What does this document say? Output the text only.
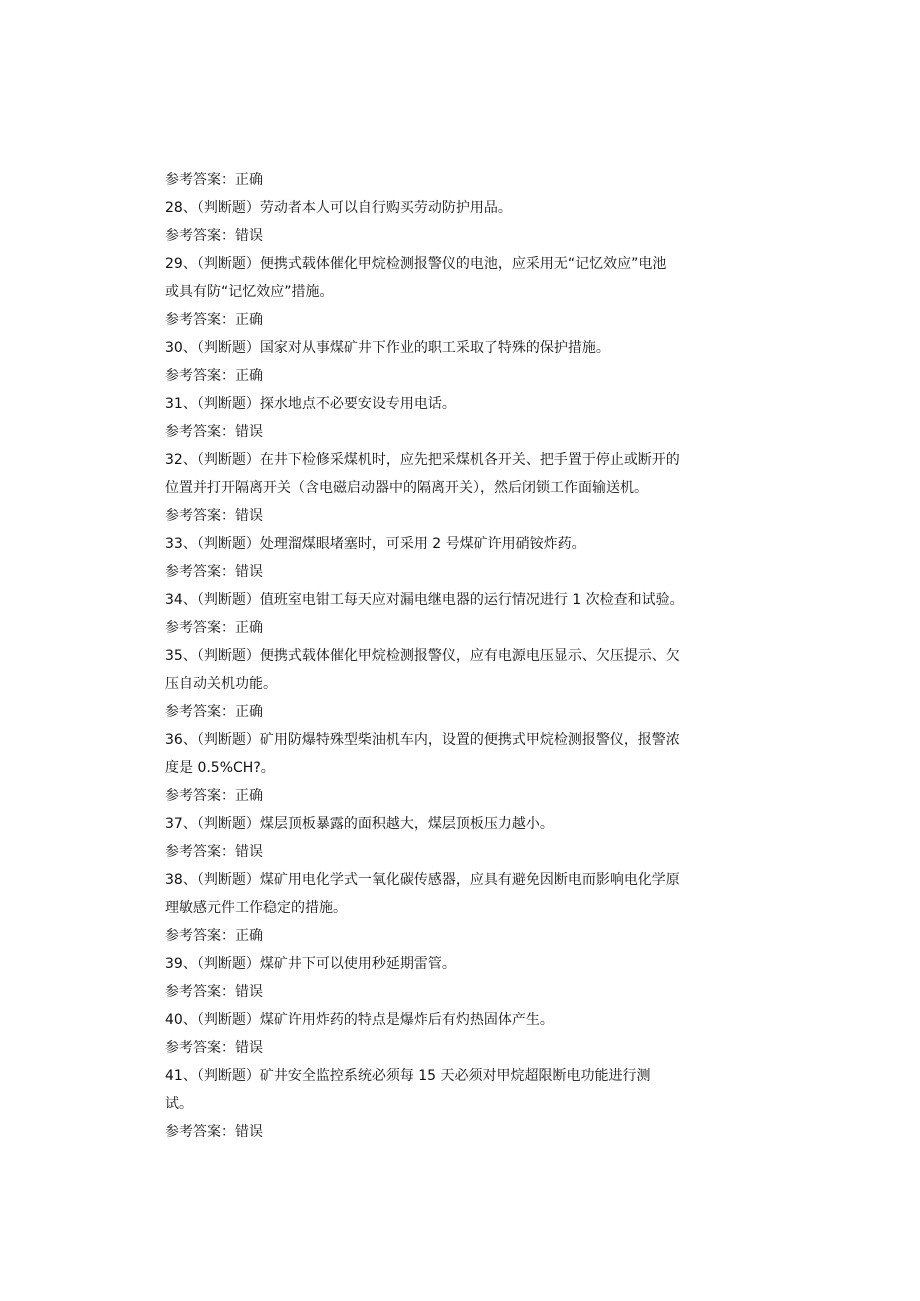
参考答案：正确
28、（判断题）劳动者本人可以自行购买劳动防护用品。
参考答案：错误
29、（判断题）便携式载体催化甲烷检测报警仪的电池，应采用无“记忆效应”电池
或具有防“记忆效应”措施。
参考答案：正确
30、（判断题）国家对从事煤矿井下作业的职工采取了特殊的保护措施。
参考答案：正确
31、（判断题）探水地点不必要安设专用电话。
参考答案：错误
32、（判断题）在井下检修采煤机时，应先把采煤机各开关、把手置于停止或断开的
位置并打开隔离开关（含电磁启动器中的隔离开关），然后闭锁工作面输送机。
参考答案：错误
33、（判断题）处理溜煤眼堵塞时，可采用 2 号煤矿许用硝铵炸药。
参考答案：错误
34、（判断题）值班室电钳工每天应对漏电继电器的运行情况进行 1 次检查和试验。
参考答案：正确
35、（判断题）便携式载体催化甲烷检测报警仪，应有电源电压显示、欠压提示、欠
压自动关机功能。
参考答案：正确
36、（判断题）矿用防爆特殊型柴油机车内，设置的便携式甲烷检测报警仪，报警浓
度是 0.5%CH?。
参考答案：正确
37、（判断题）煤层顶板暴露的面积越大，煤层顶板压力越小。
参考答案：错误
38、（判断题）煤矿用电化学式一氧化碳传感器，应具有避免因断电而影响电化学原
理敏感元件工作稳定的措施。
参考答案：正确
39、（判断题）煤矿井下可以使用秒延期雷管。
参考答案：错误
40、（判断题）煤矿许用炸药的特点是爆炸后有灼热固体产生。
参考答案：错误
41、（判断题）矿井安全监控系统必须每 15 天必须对甲烷超限断电功能进行测
试。
参考答案：错误
